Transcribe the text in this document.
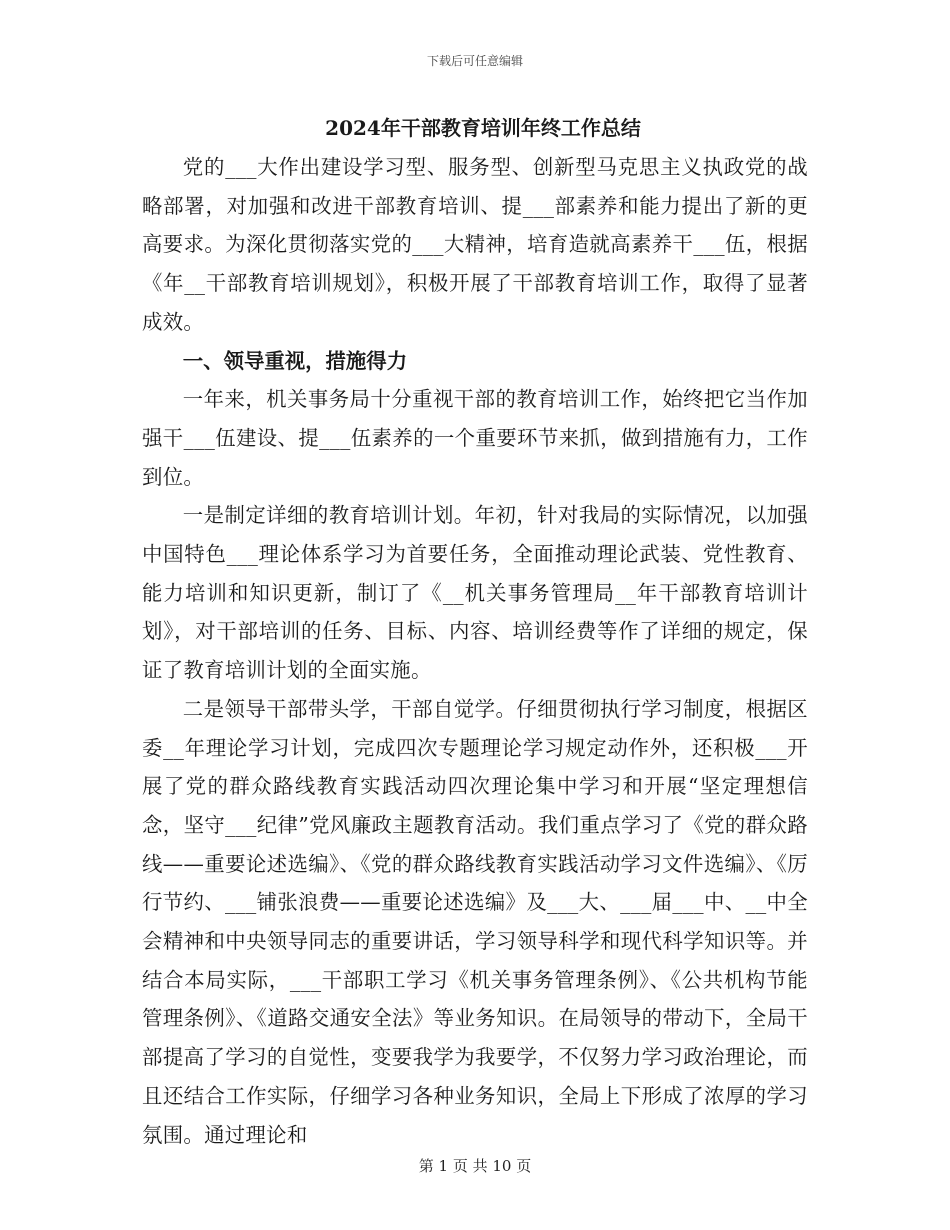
下载后可任意编辑
2024年干部教育培训年终工作总结

党的___大作出建设学习型、服务型、创新型马克思主义执政党的战略部署，对加强和改进干部教育培训、提___部素养和能力提出了新的更高要求。为深化贯彻落实党的___大精神，培育造就高素养干___伍，根据《年__干部教育培训规划》，积极开展了干部教育培训工作，取得了显著成效。

一、领导重视，措施得力

一年来，机关事务局十分重视干部的教育培训工作，始终把它当作加强干___伍建设、提___伍素养的一个重要环节来抓，做到措施有力，工作到位。

一是制定详细的教育培训计划。年初，针对我局的实际情况，以加强中国特色___理论体系学习为首要任务，全面推动理论武装、党性教育、能力培训和知识更新，制订了《__机关事务管理局__年干部教育培训计划》，对干部培训的任务、目标、内容、培训经费等作了详细的规定，保证了教育培训计划的全面实施。

二是领导干部带头学，干部自觉学。仔细贯彻执行学习制度，根据区委__年理论学习计划，完成四次专题理论学习规定动作外，还积极___开展了党的群众路线教育实践活动四次理论集中学习和开展“坚定理想信念，坚守___纪律”党风廉政主题教育活动。我们重点学习了《党的群众路线——重要论述选编》、《党的群众路线教育实践活动学习文件选编》、《厉行节约、___铺张浪费——重要论述选编》及___大、___届___中、__中全会精神和中央领导同志的重要讲话，学习领导科学和现代科学知识等。并结合本局实际，___干部职工学习《机关事务管理条例》、《公共机构节能管理条例》、《道路交通安全法》等业务知识。在局领导的带动下，全局干部提高了学习的自觉性，变要我学为我要学，不仅努力学习政治理论，而且还结合工作实际，仔细学习各种业务知识，全局上下形成了浓厚的学习氛围。通过理论和

第 1 页 共 10 页
